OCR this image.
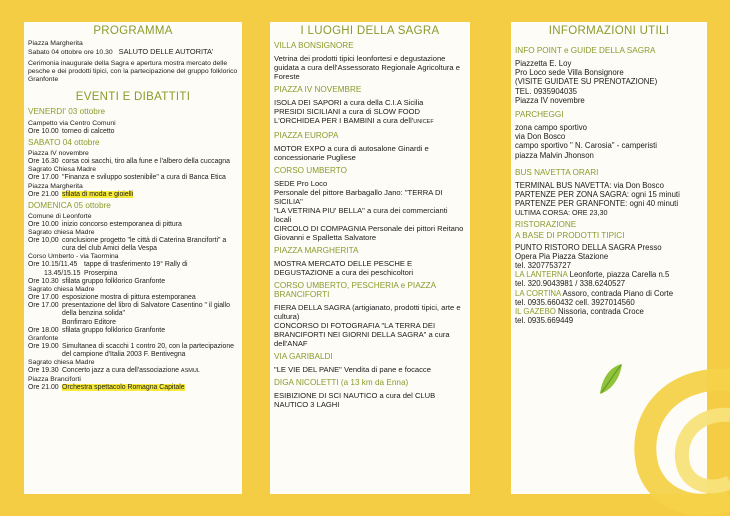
PROGRAMMA

Piazza Margherita

Sabato 04 ottobre ore 10.30 SALUTO DELLE AUTORITA'

Cerimonia inaugurale della Sagra e apertura mostra mercato delle pesche e dei prodotti tipici, con la partecipazione del gruppo folklorico Granfonte

EVENTI E DIBATTITI
VENERDI' 03 ottobre

Campetto via Centro Comuni

Ore 10.00 torneo di calcetto
SABATO 04 ottobre

Piazza IV novembre

Ore 16.30 corsa coi sacchi, tiro alla fune e l'albero della cuccagna

Sagrato Chiesa Madre

Ore 17.00 "Finanza e sviluppo sostenibile" a cura di Banca Etica

Piazza Margherita

Ore 21.00 sfilata di moda e gioielli
DOMENICA 05 ottobre

Comune di Leonforte

Ore 10.00 inizio concorso estemporanea di pittura

Sagrato chiesa Madre

Ore 10,00 conclusione progetto "le città di Caterina Branciforti" a cura del club Amici della Vespa

Corso Umberto - via Taormina

Ore 10.15/11.45 tappe di trasferimento 19° Rally di
13.45/15.15 Proserpina
Ore 10.30 sfilata gruppo folklorico Granfonte

Sagrato chiesa Madre

Ore 17.00 esposizione mostra di pittura estemporanea
Ore 17.00 presentazione del libro di Salvatore Casentino " il giallo della benzina solida"
Bonfirraro Editore
Ore 18.00 sfilata gruppo folklorico Granfonte

Granfonte

Ore 19.00 Simultanea di scacchi 1 contro 20, con la partecipazione del campione d'Italia 2003 F. Bentivegna

Sagrato chiesa Madre

Ore 19.30 Concerto jazz a cura dell'associazione ASMUL

Piazza Branciforti

Ore 21.00 Orchestra spettacolo Romagna Capitale
I LUOGHI DELLA SAGRA
VILLA BONSIGNORE

Vetrina dei prodotti tipici leonfortesi e degustazione guidata a cura dell'Assessorato Regionale Agricoltura e Foreste

PIAZZA IV NOVEMBRE

ISOLA DEI SAPORI a cura della C.I.A Sicilia

PRESIDI SICILIANI a cura di SLOW FOOD

L'ORCHIDEA PER I BAMBINI a cura dell'UNICEF

PIAZZA EUROPA

MOTOR EXPO a cura di autosalone Ginardi e concessionarie Pugliese

CORSO UMBERTO

SEDE Pro Loco

Personale del pittore Barbagallo Jano: "TERRA DI SICILIA"

"LA VETRINA PIU' BELLA" a cura dei commercianti locali

CIRCOLO DI COMPAGNIA Personale dei pittori Reitano Giovanni e Spalletta Salvatore

PIAZZA MARGHERITA

MOSTRA MERCATO DELLE PESCHE E DEGUSTAZIONE a cura dei peschicoltori

CORSO UMBERTO, PESCHERIA e PIAZZA BRANCIFORTI

FIERA DELLA SAGRA (artigianato, prodotti tipici, arte e cultura)

CONCORSO DI FOTOGRAFIA "LA TERRA DEI BRANCIFORTI NEI GIORNI DELLA SAGRA" a cura dell'ANAF

VIA GARIBALDI

"LE VIE DEL PANE" Vendita di pane e focacce

DIGA NICOLETTI (a 13 km da Enna)

ESIBIZIONE DI SCI NAUTICO a cura del CLUB NAUTICO 3 LAGHI

INFORMAZIONI UTILI
INFO POINT e GUIDE DELLA SAGRA

Piazzetta E. Loy

Pro Loco sede Villa Bonsignore

(VISITE GUIDATE SU PRENOTAZIONE)

TEL. 0935904035

Piazza IV novembre

PARCHEGGI

zona campo sportivo

via Don Bosco

campo sportivo " N. Carosia" - camperisti

piazza Malvin Jhonson

BUS NAVETTA ORARI

TERMINAL BUS NAVETTA: via Don Bosco

PARTENZE PER ZONA SAGRA: ogni 15 minuti

PARTENZE PER GRANFONTE: ogni 40 minuti

ULTIMA CORSA: ORE 23,30

RISTORAZIONE
A BASE DI PRODOTTI TIPICI

PUNTO RISTORO DELLA SAGRA Presso

Opera Pia Piazza Stazione

tel. 3207753727

LA LANTERNA Leonforte, piazza Carella n.5

tel. 320.9043981 / 338.6240527

LA CORTINA Assoro, contrada Piano di Corte

tel. 0935.660432 cell. 3927014560

IL GAZEBO Nissoria, contrada Croce

tel. 0935.669449
